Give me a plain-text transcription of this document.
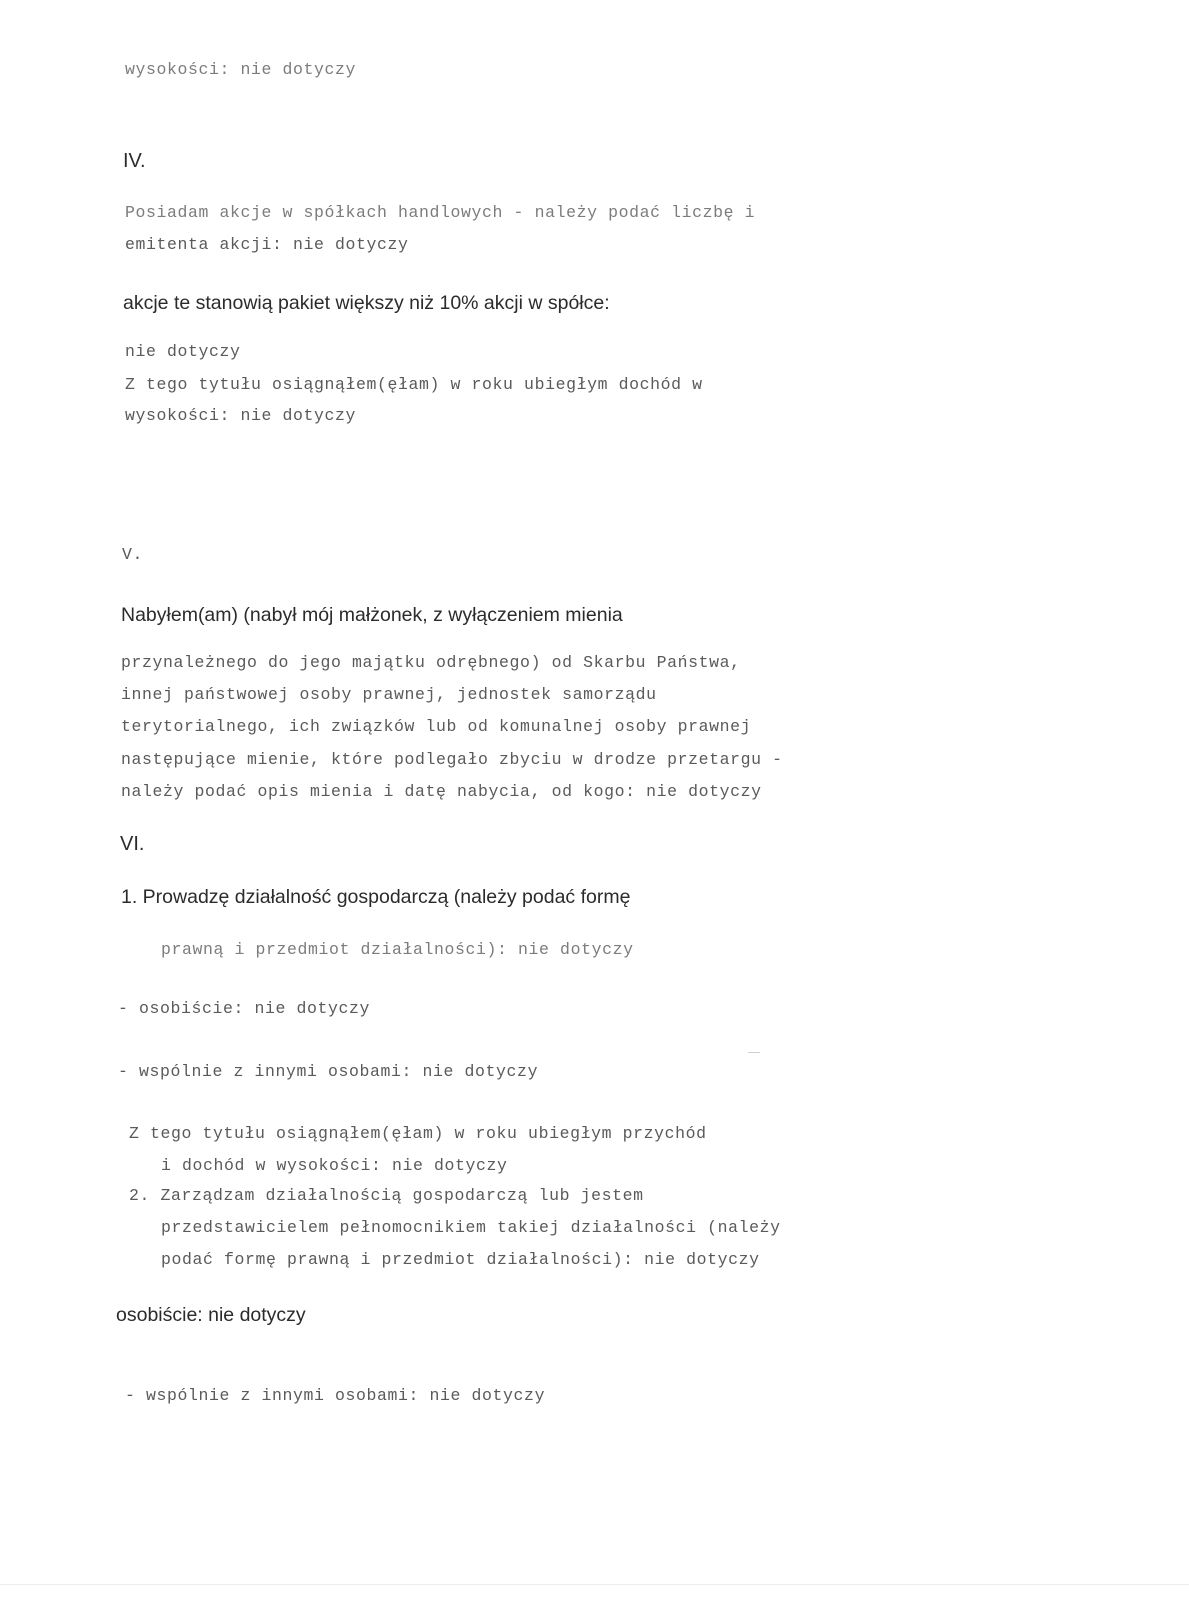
wysokości: nie dotyczy

IV.

Posiadam akcje w spółkach handlowych - należy podać liczbę i

emitenta akcji: nie dotyczy

akcje te stanowią pakiet większy niż 10% akcji w spółce:

nie dotyczy

Z tego tytułu osiągnąłem(ęłam) w roku ubiegłym dochód w

wysokości: nie dotyczy

V.

Nabyłem(am) (nabył mój małżonek, z wyłączeniem mienia

przynależnego do jego majątku odrębnego) od Skarbu Państwa,

innej państwowej osoby prawnej, jednostek samorządu

terytorialnego, ich związków lub od komunalnej osoby prawnej

następujące mienie, które podlegało zbyciu w drodze przetargu -

należy podać opis mienia i datę nabycia, od kogo: nie dotyczy

VI.

1. Prowadzę działalność gospodarczą (należy podać formę

prawną i przedmiot działalności): nie dotyczy

- osobiście: nie dotyczy

- wspólnie z innymi osobami: nie dotyczy

Z tego tytułu osiągnąłem(ęłam) w roku ubiegłym przychód

i dochód w wysokości: nie dotyczy

2. Zarządzam działalnością gospodarczą lub jestem

przedstawicielem pełnomocnikiem takiej działalności (należy

podać formę prawną i przedmiot działalności): nie dotyczy

osobiście: nie dotyczy

- wspólnie z innymi osobami: nie dotyczy
